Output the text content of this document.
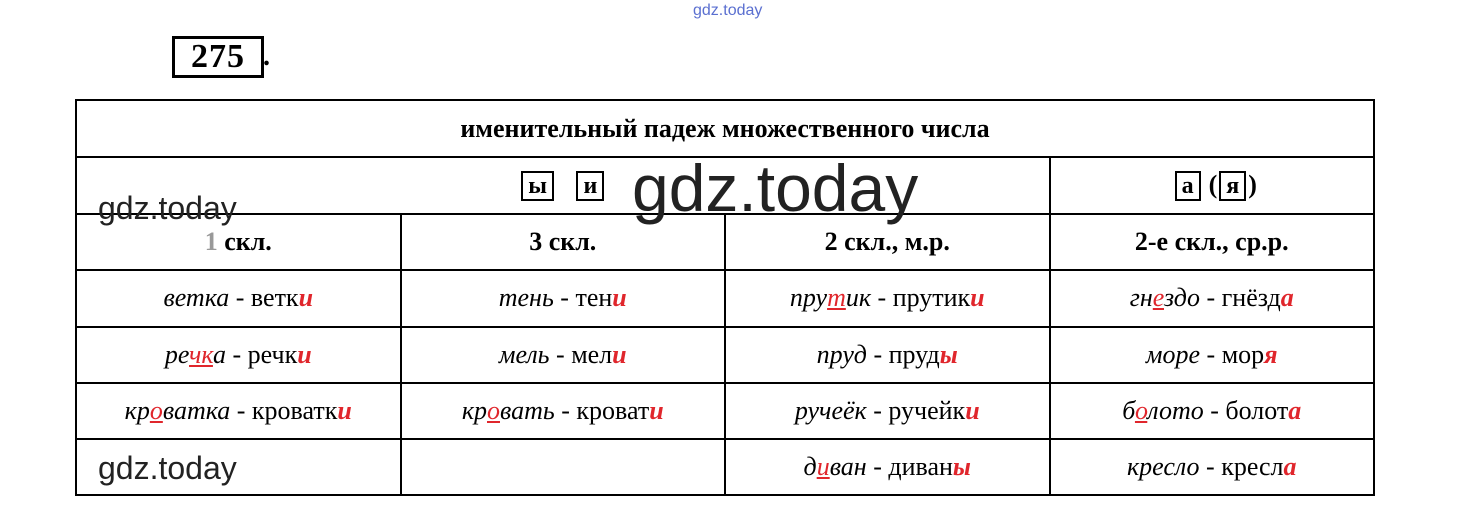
gdz.today
275 .
именительный падеж множественного числа			
ы и			а ( я )
1 скл.	3 скл.	2 скл., м.р.	2-е скл., ср.р.
ветка - ветки	тень - тени	прутик - прутики	гнездо - гнёзда
речка - речки	мель - мели	пруд - пруды	море - моря
кроватка - кроватки	кровать - кровати	ручеёк - ручейки	болото - болота
		диван - диваны	кресло - кресла
gdz.today
gdz.today
gdz.today
